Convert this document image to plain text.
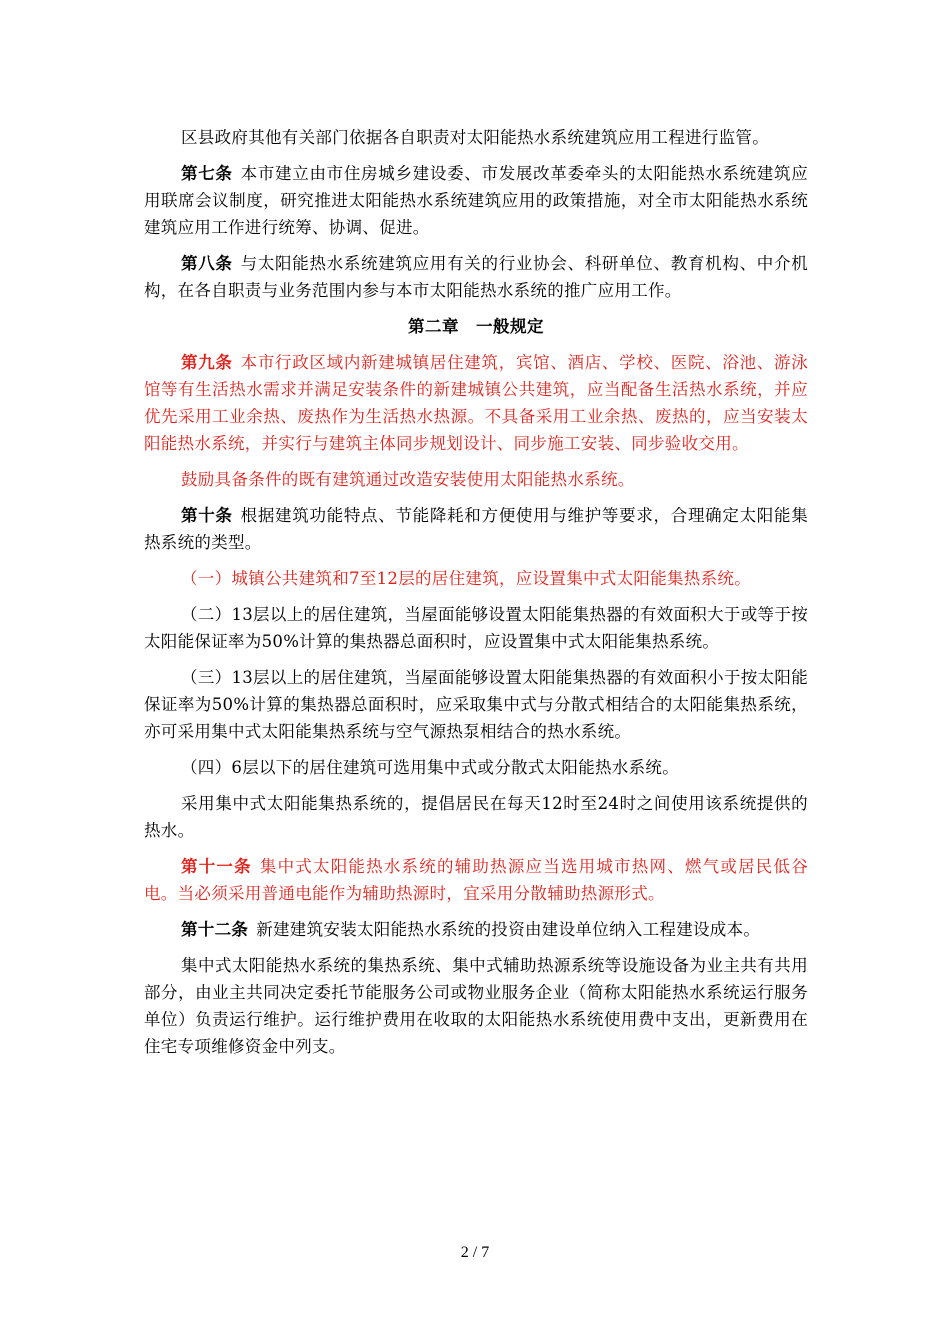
区县政府其他有关部门依据各自职责对太阳能热水系统建筑应用工程进行监管。

第七条 本市建立由市住房城乡建设委、市发展改革委牵头的太阳能热水系统建筑应用联席会议制度，研究推进太阳能热水系统建筑应用的政策措施，对全市太阳能热水系统建筑应用工作进行统筹、协调、促进。

第八条 与太阳能热水系统建筑应用有关的行业协会、科研单位、教育机构、中介机构，在各自职责与业务范围内参与本市太阳能热水系统的推广应用工作。

第二章　一般规定

第九条 本市行政区域内新建城镇居住建筑，宾馆、酒店、学校、医院、浴池、游泳馆等有生活热水需求并满足安装条件的新建城镇公共建筑，应当配备生活热水系统，并应优先采用工业余热、废热作为生活热水热源。不具备采用工业余热、废热的，应当安装太阳能热水系统，并实行与建筑主体同步规划设计、同步施工安装、同步验收交用。

鼓励具备条件的既有建筑通过改造安装使用太阳能热水系统。

第十条 根据建筑功能特点、节能降耗和方便使用与维护等要求，合理确定太阳能集热系统的类型。

（一）城镇公共建筑和7至12层的居住建筑，应设置集中式太阳能集热系统。

（二）13层以上的居住建筑，当屋面能够设置太阳能集热器的有效面积大于或等于按太阳能保证率为50%计算的集热器总面积时，应设置集中式太阳能集热系统。

（三）13层以上的居住建筑，当屋面能够设置太阳能集热器的有效面积小于按太阳能保证率为50%计算的集热器总面积时，应采取集中式与分散式相结合的太阳能集热系统，亦可采用集中式太阳能集热系统与空气源热泵相结合的热水系统。

（四）6层以下的居住建筑可选用集中式或分散式太阳能热水系统。

采用集中式太阳能集热系统的，提倡居民在每天12时至24时之间使用该系统提供的热水。

第十一条 集中式太阳能热水系统的辅助热源应当选用城市热网、燃气或居民低谷电。当必须采用普通电能作为辅助热源时，宜采用分散辅助热源形式。

第十二条 新建建筑安装太阳能热水系统的投资由建设单位纳入工程建设成本。

集中式太阳能热水系统的集热系统、集中式辅助热源系统等设施设备为业主共有共用部分，由业主共同决定委托节能服务公司或物业服务企业（简称太阳能热水系统运行服务单位）负责运行维护。运行维护费用在收取的太阳能热水系统使用费中支出，更新费用在住宅专项维修资金中列支。

2 / 7
